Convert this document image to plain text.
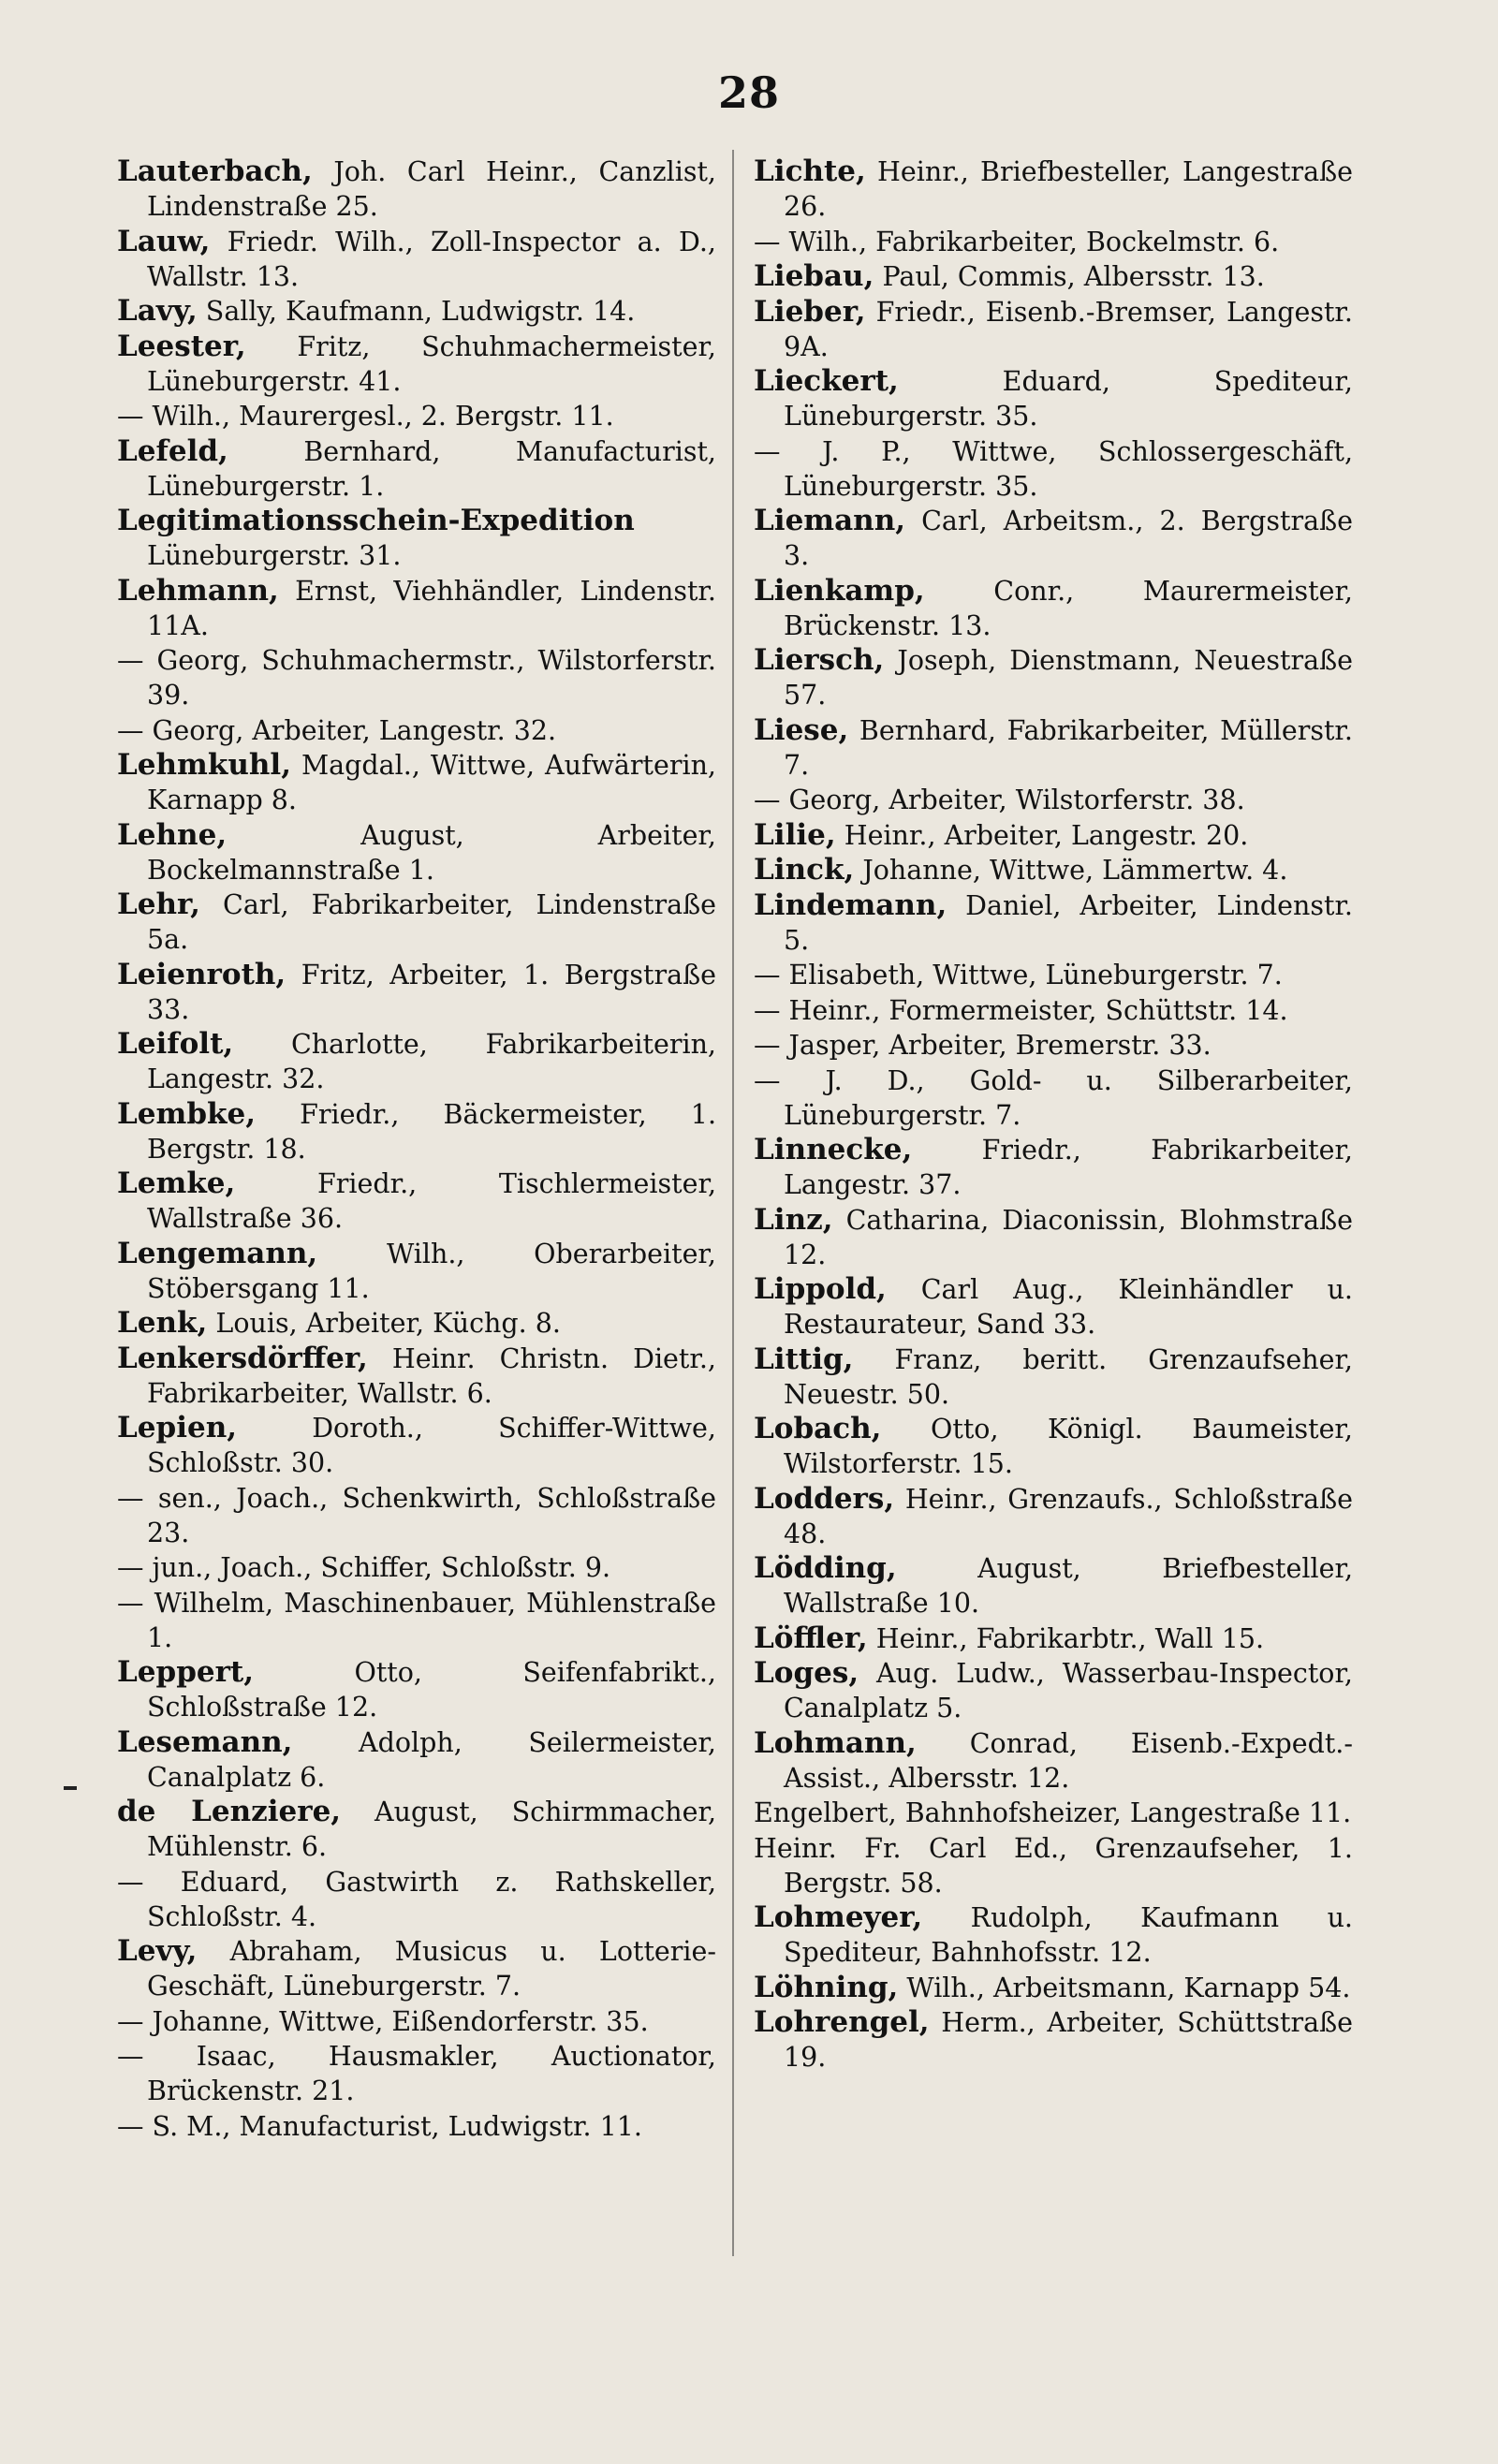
28

Lauterbach, Joh. Carl Heinr., Canzlist, Lindenstraße 25.

Lauw, Friedr. Wilh., Zoll-Inspector a. D., Wallstr. 13.

Lavy, Sally, Kaufmann, Ludwigstr. 14.

Leester, Fritz, Schuhmachermeister, Lüneburgerstr. 41.

— Wilh., Maurergesl., 2. Bergstr. 11.

Lefeld, Bernhard, Manufacturist, Lüneburgerstr. 1.

Legitimationsschein-Expedition Lüneburgerstr. 31.

Lehmann, Ernst, Viehhändler, Lindenstr. 11A.

— Georg, Schuhmachermstr., Wilstorferstr. 39.

— Georg, Arbeiter, Langestr. 32.

Lehmkuhl, Magdal., Wittwe, Aufwärterin, Karnapp 8.

Lehne, August, Arbeiter, Bockelmannstraße 1.

Lehr, Carl, Fabrikarbeiter, Lindenstraße 5a.

Leienroth, Fritz, Arbeiter, 1. Bergstraße 33.

Leifolt, Charlotte, Fabrikarbeiterin, Langestr. 32.

Lembke, Friedr., Bäckermeister, 1. Bergstr. 18.

Lemke, Friedr., Tischlermeister, Wallstraße 36.

Lengemann, Wilh., Oberarbeiter, Stöbersgang 11.

Lenk, Louis, Arbeiter, Küchg. 8.

Lenkersdörffer, Heinr. Christn. Dietr., Fabrikarbeiter, Wallstr. 6.

Lepien, Doroth., Schiffer-Wittwe, Schloßstr. 30.

— sen., Joach., Schenkwirth, Schloßstraße 23.

— jun., Joach., Schiffer, Schloßstr. 9.

— Wilhelm, Maschinenbauer, Mühlenstraße 1.

Leppert, Otto, Seifenfabrikt., Schloßstraße 12.

Lesemann, Adolph, Seilermeister, Canalplatz 6.

de Lenziere, August, Schirmmacher, Mühlenstr. 6.

— Eduard, Gastwirth z. Rathskeller, Schloßstr. 4.

Levy, Abraham, Musicus u. Lotterie-Geschäft, Lüneburgerstr. 7.

— Johanne, Wittwe, Eißendorferstr. 35.

— Isaac, Hausmakler, Auctionator, Brückenstr. 21.

— S. M., Manufacturist, Ludwigstr. 11.

Lichte, Heinr., Briefbesteller, Langestraße 26.

— Wilh., Fabrikarbeiter, Bockelmstr. 6.

Liebau, Paul, Commis, Albersstr. 13.

Lieber, Friedr., Eisenb.-Bremser, Langestr. 9A.

Lieckert, Eduard, Spediteur, Lüneburgerstr. 35.

— J. P., Wittwe, Schlossergeschäft, Lüneburgerstr. 35.

Liemann, Carl, Arbeitsm., 2. Bergstraße 3.

Lienkamp, Conr., Maurermeister, Brückenstr. 13.

Liersch, Joseph, Dienstmann, Neuestraße 57.

Liese, Bernhard, Fabrikarbeiter, Müllerstr. 7.

— Georg, Arbeiter, Wilstorferstr. 38.

Lilie, Heinr., Arbeiter, Langestr. 20.

Linck, Johanne, Wittwe, Lämmertw. 4.

Lindemann, Daniel, Arbeiter, Lindenstr. 5.

— Elisabeth, Wittwe, Lüneburgerstr. 7.

— Heinr., Formermeister, Schüttstr. 14.

— Jasper, Arbeiter, Bremerstr. 33.

— J. D., Gold- u. Silberarbeiter, Lüneburgerstr. 7.

Linnecke, Friedr., Fabrikarbeiter, Langestr. 37.

Linz, Catharina, Diaconissin, Blohmstraße 12.

Lippold, Carl Aug., Kleinhändler u. Restaurateur, Sand 33.

Littig, Franz, beritt. Grenzaufseher, Neuestr. 50.

Lobach, Otto, Königl. Baumeister, Wilstorferstr. 15.

Lodders, Heinr., Grenzaufs., Schloßstraße 48.

Lödding, August, Briefbesteller, Wallstraße 10.

Löffler, Heinr., Fabrikarbtr., Wall 15.

Loges, Aug. Ludw., Wasserbau-Inspector, Canalplatz 5.

Lohmann, Conrad, Eisenb.-Expedt.-Assist., Albersstr. 12.

Engelbert, Bahnhofsheizer, Langestraße 11.

Heinr. Fr. Carl Ed., Grenzaufseher, 1. Bergstr. 58.

Lohmeyer, Rudolph, Kaufmann u. Spediteur, Bahnhofsstr. 12.

Löhning, Wilh., Arbeitsmann, Karnapp 54.

Lohrengel, Herm., Arbeiter, Schüttstraße 19.
